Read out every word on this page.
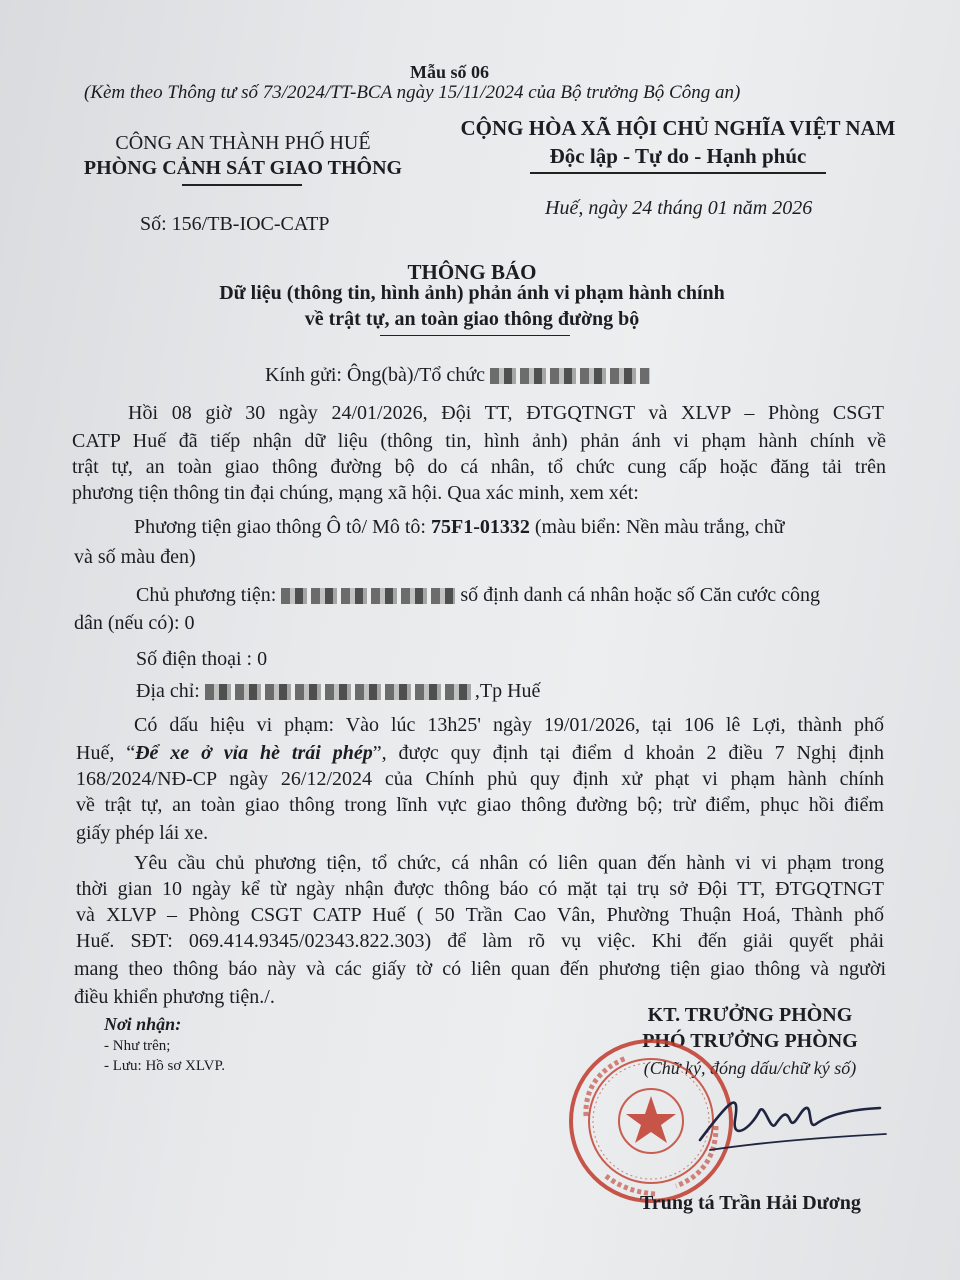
Mẫu số 06
(Kèm theo Thông tư số 73/2024/TT-BCA ngày 15/11/2024 của Bộ trưởng Bộ Công an)
CÔNG AN THÀNH PHỐ HUẾ
PHÒNG CẢNH SÁT GIAO THÔNG
CỘNG HÒA XÃ HỘI CHỦ NGHĨA VIỆT NAM
Độc lập - Tự do - Hạnh phúc
Số: 156/TB-IOC-CATP
Huế, ngày 24 tháng 01 năm 2026
THÔNG BÁO
Dữ liệu (thông tin, hình ảnh) phản ánh vi phạm hành chính
về trật tự, an toàn giao thông đường bộ
Kính gửi: Ông(bà)/Tổ chức
Hồi 08 giờ 30 ngày 24/01/2026, Đội TT, ĐTGQTNGT và XLVP – Phòng CSGT
CATP Huế đã tiếp nhận dữ liệu (thông tin, hình ảnh) phản ánh vi phạm hành chính về
trật tự, an toàn giao thông đường bộ do cá nhân, tổ chức cung cấp hoặc đăng tải trên
phương tiện thông tin đại chúng, mạng xã hội. Qua xác minh, xem xét:
Phương tiện giao thông Ô tô/ Mô tô: 75F1-01332 (màu biển: Nền màu trắng, chữ
và số màu đen)
Chủ phương tiện:	số định danh cá nhân hoặc số Căn cước công
dân (nếu có): 0
Số điện thoại : 0
Địa chỉ:	,Tp Huế
Có dấu hiệu vi phạm: Vào lúc 13h25' ngày 19/01/2026, tại 106 lê Lợi, thành phố
Huế, “Để xe ở vỉa hè trái phép”, được quy định tại điểm d khoản 2 điều 7 Nghị định
168/2024/NĐ-CP ngày 26/12/2024 của Chính phủ quy định xử phạt vi phạm hành chính
về trật tự, an toàn giao thông trong lĩnh vực giao thông đường bộ; trừ điểm, phục hồi điểm
giấy phép lái xe.
Yêu cầu chủ phương tiện, tổ chức, cá nhân có liên quan đến hành vi vi phạm trong
thời gian 10 ngày kể từ ngày nhận được thông báo có mặt tại trụ sở Đội TT, ĐTGQTNGT
và XLVP – Phòng CSGT CATP Huế ( 50 Trần Cao Vân, Phường Thuận Hoá, Thành phố
Huế. SĐT: 069.414.9345/02343.822.303) để làm rõ vụ việc. Khi đến giải quyết phải
mang theo thông báo này và các giấy tờ có liên quan đến phương tiện giao thông và người
điều khiển phương tiện./.
Nơi nhận:
- Như trên;
- Lưu: Hồ sơ XLVP.
KT. TRƯỞNG PHÒNG
PHÓ TRƯỞNG PHÒNG
(Chữ ký, đóng dấu/chữ ký số)
Trung tá Trần Hải Dương
